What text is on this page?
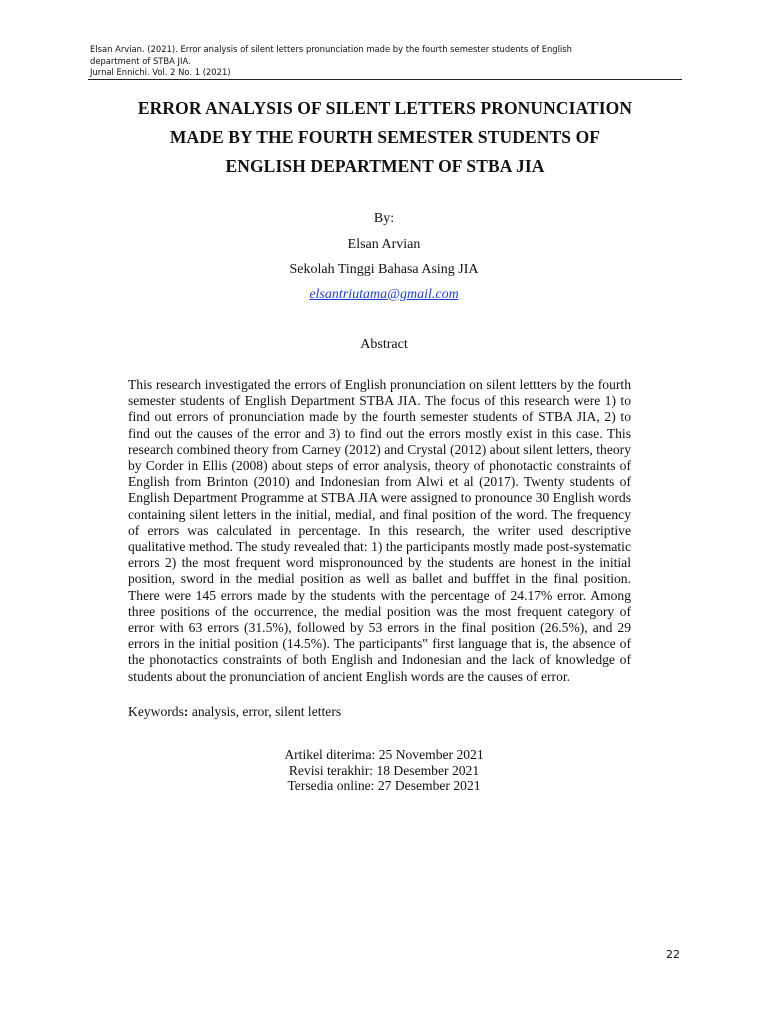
Elsan Arvian. (2021). Error analysis of silent letters pronunciation made by the fourth semester students of English
department of STBA JIA.
Jurnal Ennichi. Vol. 2 No. 1 (2021)
ERROR ANALYSIS OF SILENT LETTERS PRONUNCIATION
MADE BY THE FOURTH SEMESTER STUDENTS OF
ENGLISH DEPARTMENT OF STBA JIA
By:
Elsan Arvian
Sekolah Tinggi Bahasa Asing JIA
elsantriutama@gmail.com
Abstract
This research investigated the errors of English pronunciation on silent lettters by the fourth semester students of English Department STBA JIA. The focus of this research were 1) to find out errors of pronunciation made by the fourth semester students of STBA JIA, 2) to find out the causes of the error and 3) to find out the errors mostly exist in this case. This research combined theory from Carney (2012) and Crystal (2012) about silent letters, theory by Corder in Ellis (2008) about steps of error analysis, theory of phonotactic constraints of English from Brinton (2010) and Indonesian from Alwi et al (2017). Twenty students of English Department Programme at STBA JIA were assigned to pronounce 30 English words containing silent letters in the initial, medial, and final position of the word. The frequency of errors was calculated in percentage. In this research, the writer used descriptive qualitative method. The study revealed that: 1) the participants mostly made post-systematic errors 2) the most frequent word mispronounced by the students are honest in the initial position, sword in the medial position as well as ballet and bufffet in the final position. There were 145 errors made by the students with the percentage of 24.17% error. Among three positions of the occurrence, the medial position was the most frequent category of error with 63 errors (31.5%), followed by 53 errors in the final position (26.5%), and 29 errors in the initial position (14.5%). The participants‟ first language that is, the absence of the phonotactics constraints of both English and Indonesian and the lack of knowledge of students about the pronunciation of ancient English words are the causes of error.
Keywords: analysis, error, silent letters
Artikel diterima: 25 November 2021
Revisi terakhir: 18 Desember 2021
Tersedia online: 27 Desember 2021
22
